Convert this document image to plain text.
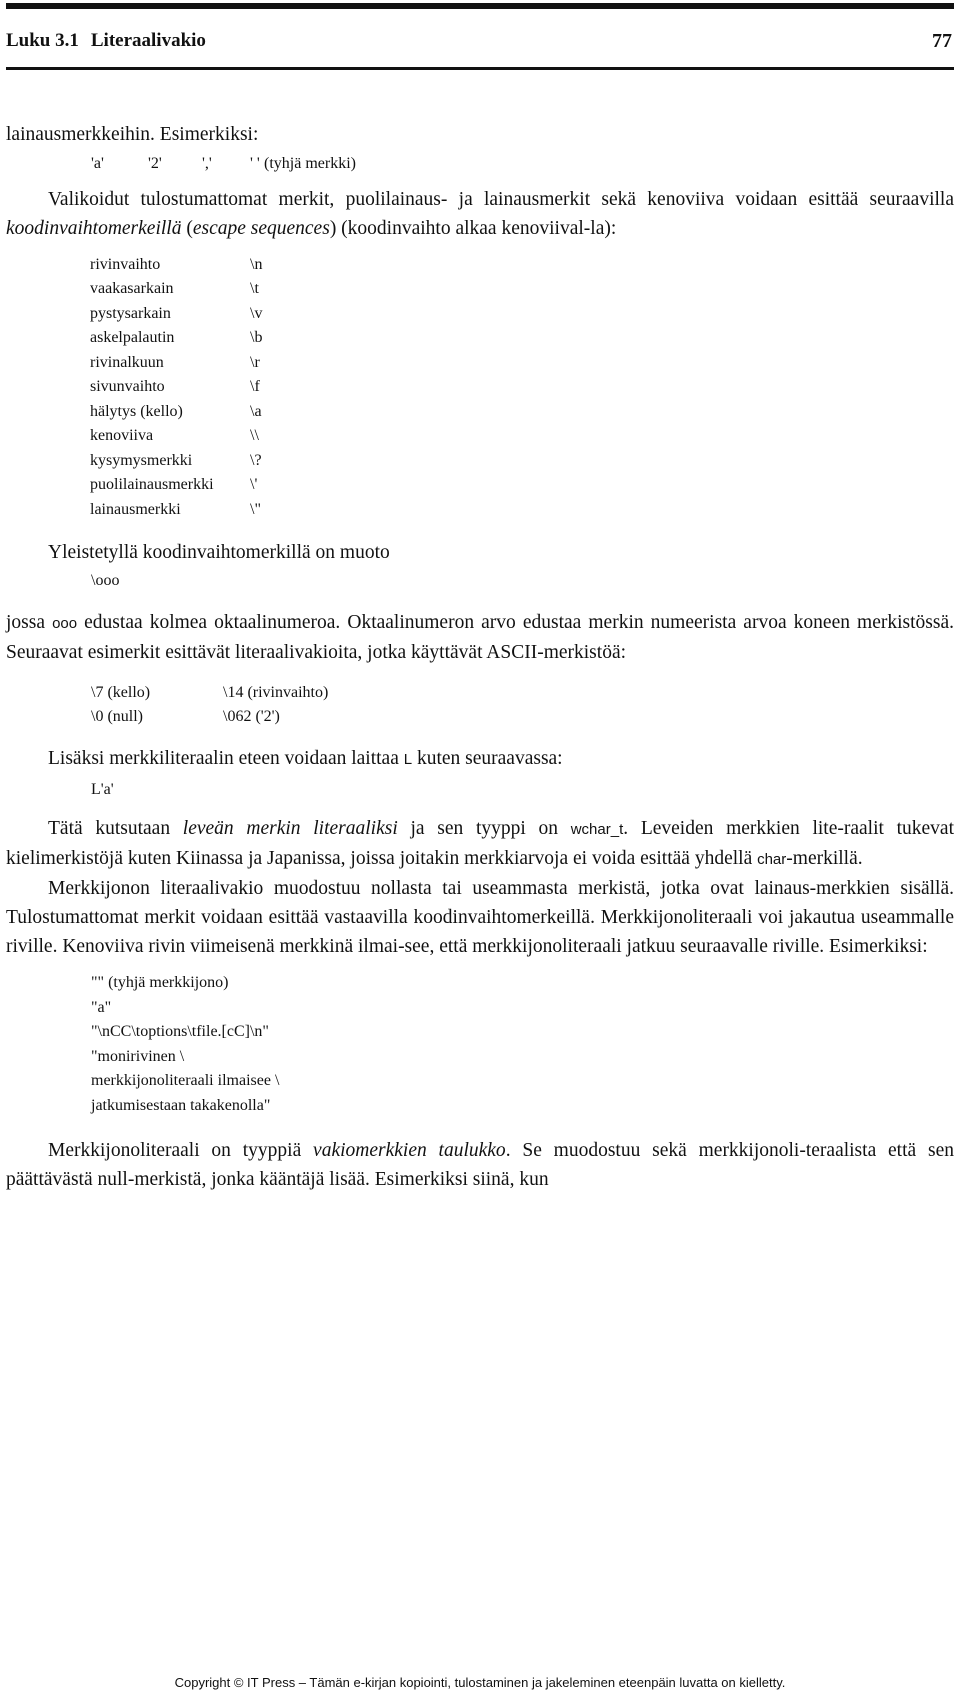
Luku 3.1 Literaalivakio	77

lainausmerkkeihin. Esimerkiksi:

'a'	'2'	',' ' ' (tyhjä merkki)

Valikoidut tulostumattomat merkit, puolilainaus- ja lainausmerkit sekä kenoviiva voidaan esittää seuraavilla koodinvaihtomerkeillä (escape sequences) (koodinvaihto alkaa kenoviival-la):

rivinvaihto	\n
vaakasarkain	\t
pystysarkain	\v
askelpalautin	\b
rivinalkuun	\r
sivunvaihto	\f
hälytys (kello)	\a
kenoviiva	\\
kysymysmerkki	\?
puolilainausmerkki \'
lainausmerkki	\"

Yleistetyllä koodinvaihtomerkillä on muoto

\ooo

jossa ooo edustaa kolmea oktaalinumeroa. Oktaalinumeron arvo edustaa merkin numeerista arvoa koneen merkistössä. Seuraavat esimerkit esittävät literaalivakioita, jotka käyttävät ASCII-merkistöä:

\7 (kello)	\14 (rivinvaihto)
\0 (null)	\062 ('2')

Lisäksi merkkiliteraalin eteen voidaan laittaa L kuten seuraavassa:

L'a'

Tätä kutsutaan leveän merkin literaaliksi ja sen tyyppi on wchar_t. Leveiden merkkien lite-raalit tukevat kielimerkistöjä kuten Kiinassa ja Japanissa, joissa joitakin merkkiarvoja ei voida esittää yhdellä char-merkillä.

Merkkijonon literaalivakio muodostuu nollasta tai useammasta merkistä, jotka ovat lainaus-merkkien sisällä. Tulostumattomat merkit voidaan esittää vastaavilla koodinvaihtomerkeillä. Merkkijonoliteraali voi jakautua useammalle riville. Kenoviiva rivin viimeisenä merkkinä ilmai-see, että merkkijonoliteraali jatkuu seuraavalle riville. Esimerkiksi:

"" (tyhjä merkkijono)
"a"
"\nCC\toptions\tfile.[cC]\n"
"monirivinen \
merkkijonoliteraali ilmaisee \
jatkumisestaan takakenolla"

Merkkijonoliteraali on tyyppiä vakiomerkkien taulukko. Se muodostuu sekä merkkijonoli-teraalista että sen päättävästä null-merkistä, jonka kääntäjä lisää. Esimerkiksi siinä, kun

Copyright © IT Press – Tämän e-kirjan kopiointi, tulostaminen ja jakeleminen eteenpäin luvatta on kielletty.
